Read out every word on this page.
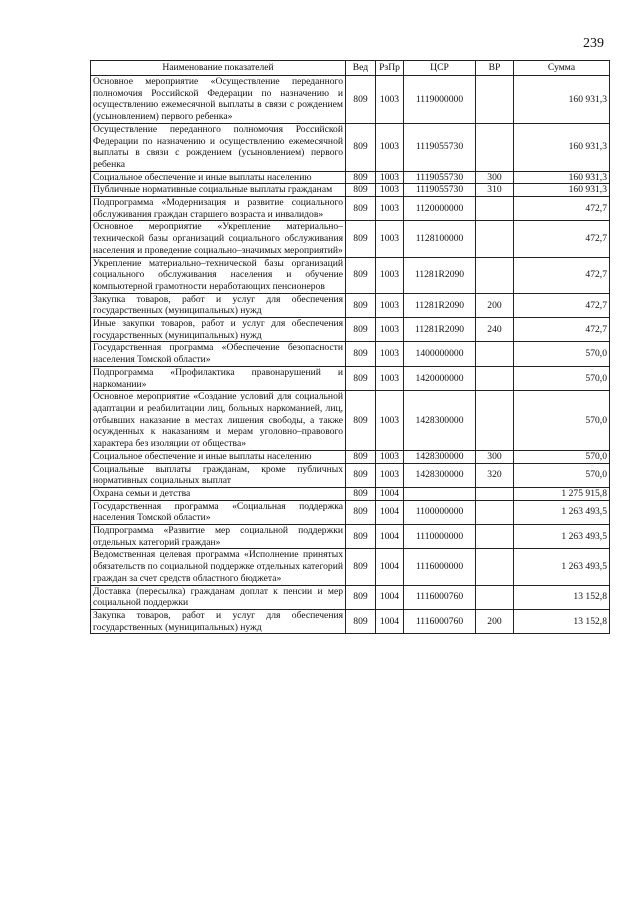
239
Наименование показателей	Вед	РзПр	ЦСР	ВР	Сумма
Основное мероприятие «Осуществление переданного полномочия Российской Федерации по назначению и осуществлению ежемесячной выплаты в связи с рождением (усыновлением) первого ребенка»	809	1003	1119000000		160 931,3
Осуществление переданного полномочия Российской Федерации по назначению и осуществлению ежемесячной выплаты в связи с рождением (усыновлением) первого ребенка	809	1003	1119055730		160 931,3
Социальное обеспечение и иные выплаты населению	809	1003	1119055730	300	160 931,3
Публичные нормативные социальные выплаты гражданам	809	1003	1119055730	310	160 931,3
Подпрограмма «Модернизация и развитие социального обслуживания граждан старшего возраста и инвалидов»	809	1003	1120000000		472,7
Основное мероприятие «Укрепление материально–технической базы организаций социального обслуживания населения и проведение социально–значимых мероприятий»	809	1003	1128100000		472,7
Укрепление материально–технической базы организаций социального обслуживания населения и обучение компьютерной грамотности неработающих пенсионеров	809	1003	11281R2090		472,7
Закупка товаров, работ и услуг для обеспечения государственных (муниципальных) нужд	809	1003	11281R2090	200	472,7
Иные закупки товаров, работ и услуг для обеспечения государственных (муниципальных) нужд	809	1003	11281R2090	240	472,7
Государственная программа «Обеспечение безопасности населения Томской области»	809	1003	1400000000		570,0
Подпрограмма «Профилактика правонарушений и наркомании»	809	1003	1420000000		570,0
Основное мероприятие «Создание условий для социальной адаптации и реабилитации лиц, больных наркоманией, лиц, отбывших наказание в местах лишения свободы, а также осужденных к наказаниям и мерам уголовно–правового характера без изоляции от общества»	809	1003	1428300000		570,0
Социальное обеспечение и иные выплаты населению	809	1003	1428300000	300	570,0
Социальные выплаты гражданам, кроме публичных нормативных социальных выплат	809	1003	1428300000	320	570,0
Охрана семьи и детства	809	1004			1 275 915,8
Государственная программа «Социальная поддержка населения Томской области»	809	1004	1100000000		1 263 493,5
Подпрограмма «Развитие мер социальной поддержки отдельных категорий граждан»	809	1004	1110000000		1 263 493,5
Ведомственная целевая программа «Исполнение принятых обязательств по социальной поддержке отдельных категорий граждан за счет средств областного бюджета»	809	1004	1116000000		1 263 493,5
Доставка (пересылка) гражданам доплат к пенсии и мер социальной поддержки	809	1004	1116000760		13 152,8
Закупка товаров, работ и услуг для обеспечения государственных (муниципальных) нужд	809	1004	1116000760	200	13 152,8
